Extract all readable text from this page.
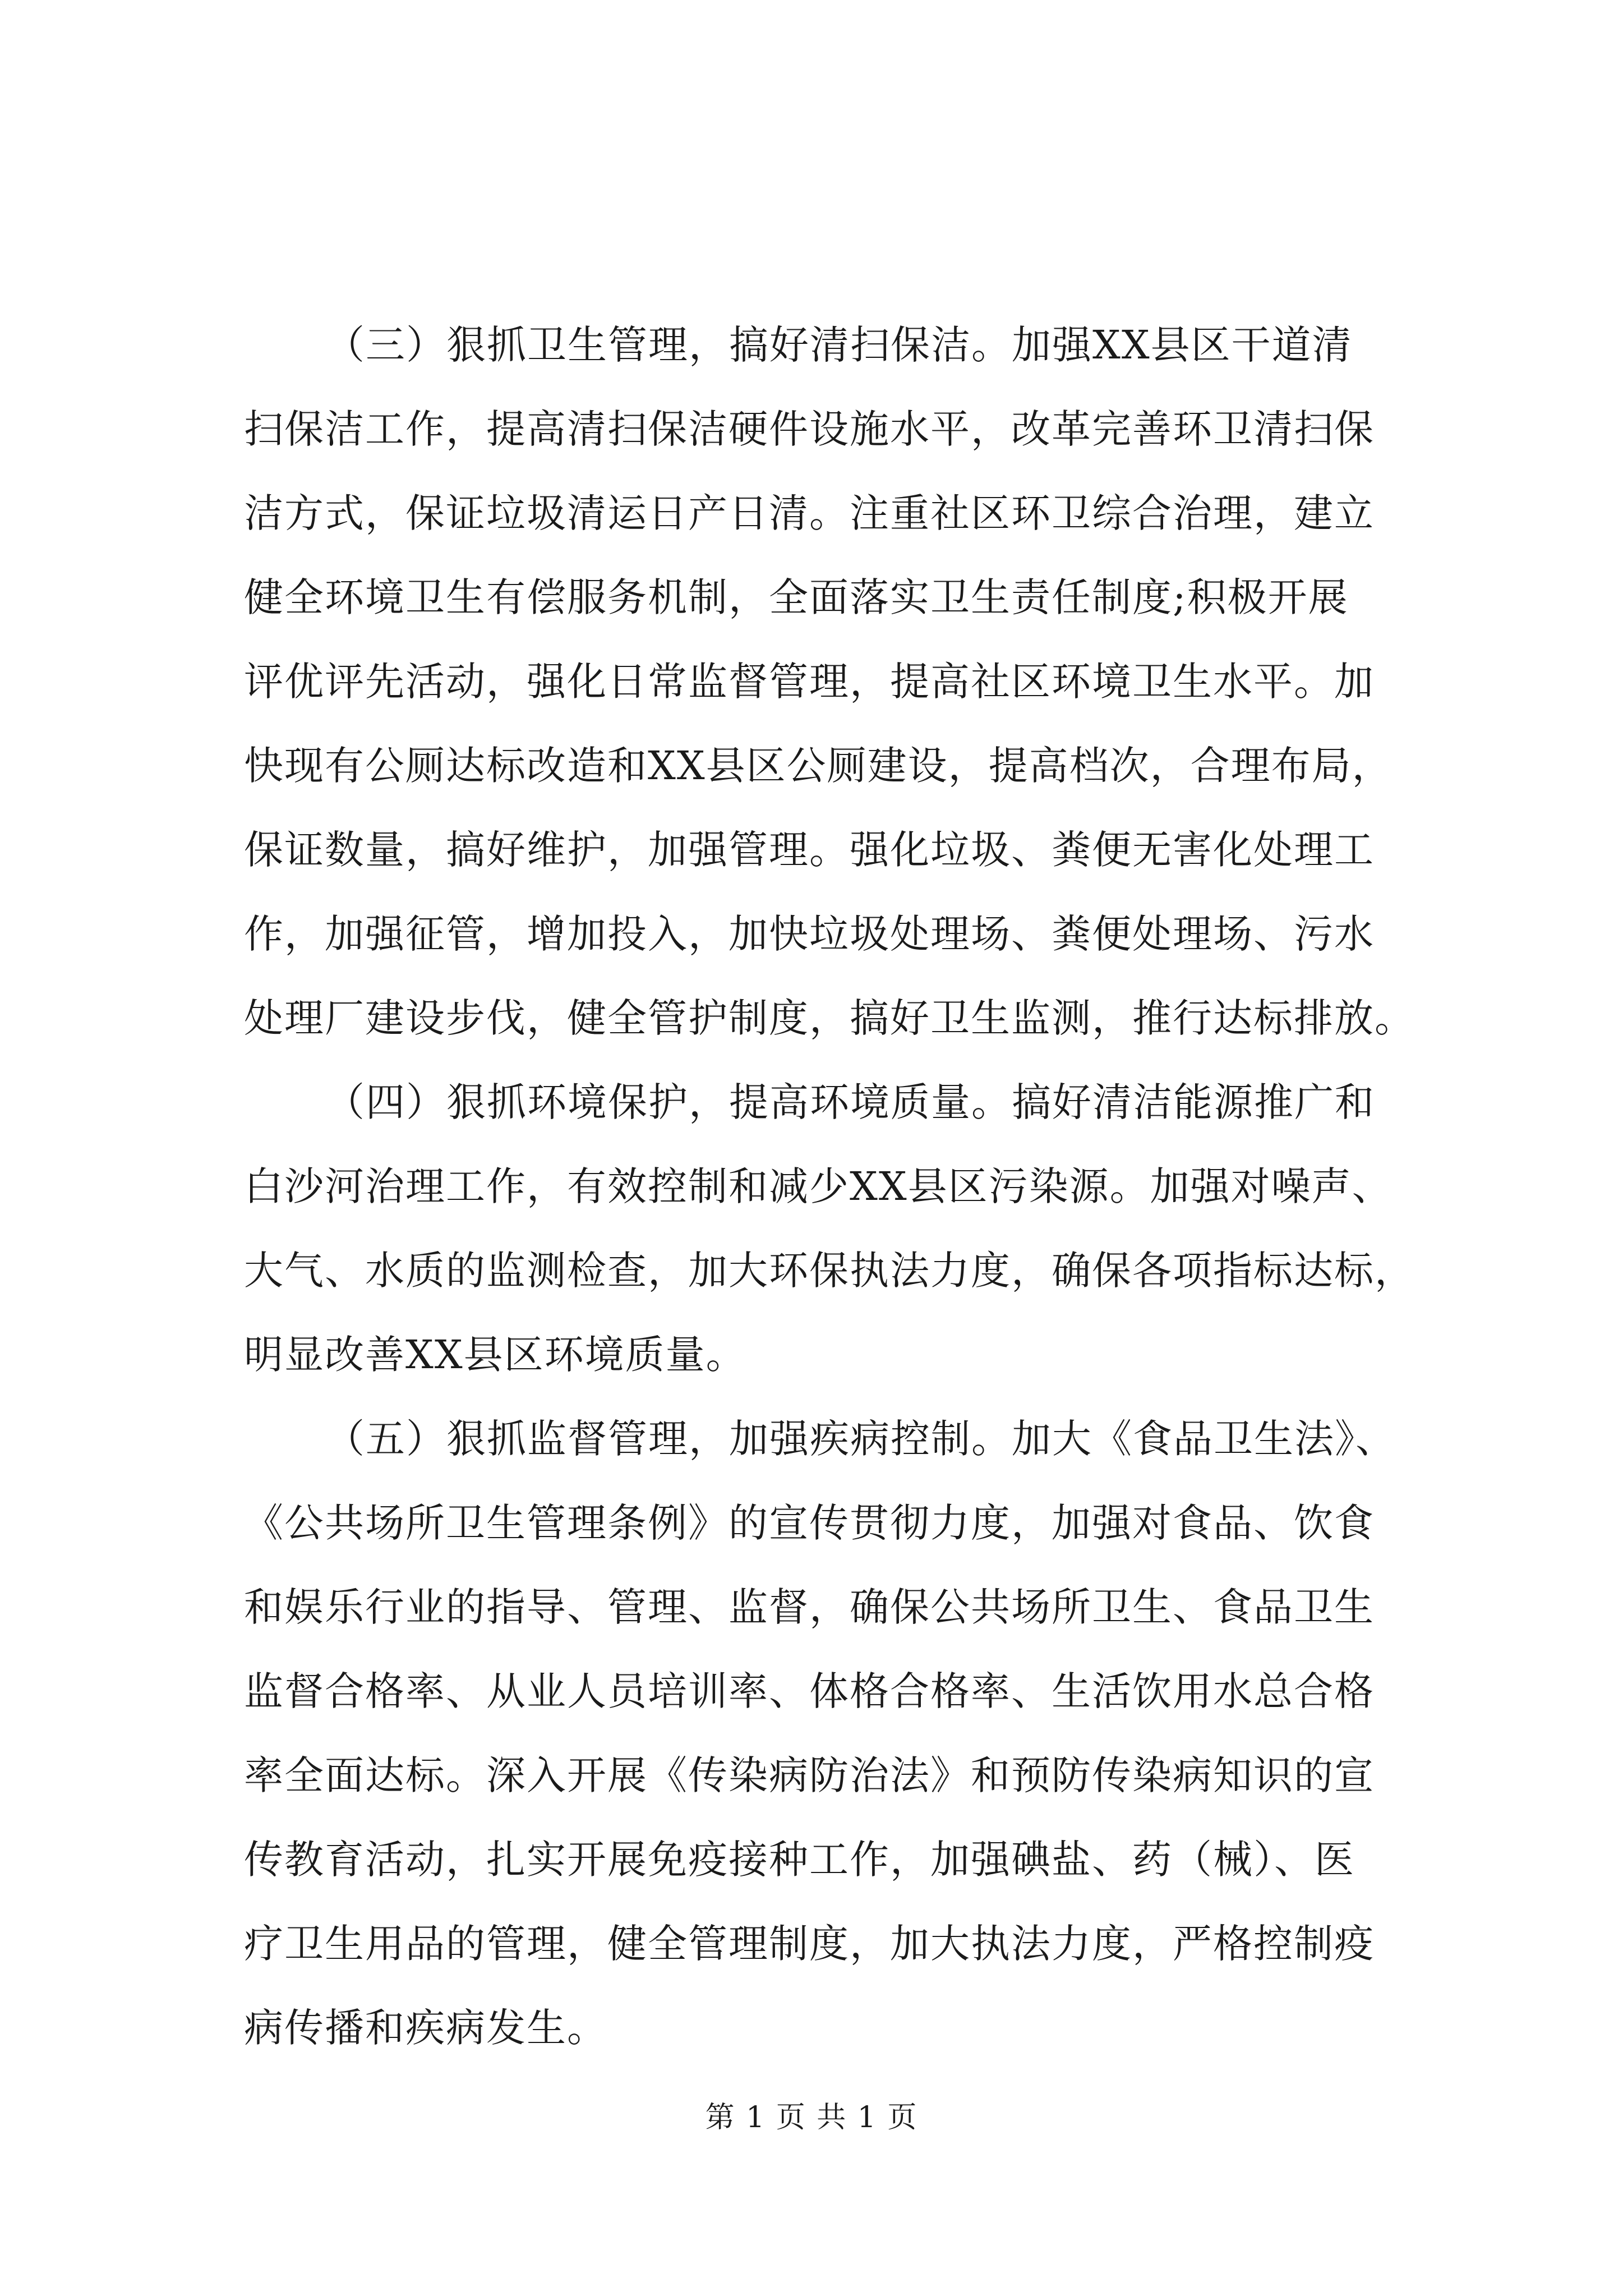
（三）狠抓卫生管理，搞好清扫保洁。加强XX县区干道清
扫保洁工作，提高清扫保洁硬件设施水平，改革完善环卫清扫保
洁方式，保证垃圾清运日产日清。注重社区环卫综合治理，建立
健全环境卫生有偿服务机制，全面落实卫生责任制度;积极开展
评优评先活动，强化日常监督管理，提高社区环境卫生水平。加
快现有公厕达标改造和XX县区公厕建设，提高档次，合理布局，
保证数量，搞好维护，加强管理。强化垃圾、粪便无害化处理工
作，加强征管，增加投入，加快垃圾处理场、粪便处理场、污水
处理厂建设步伐，健全管护制度，搞好卫生监测，推行达标排放。
（四）狠抓环境保护，提高环境质量。搞好清洁能源推广和
白沙河治理工作，有效控制和减少XX县区污染源。加强对噪声、
大气、水质的监测检查，加大环保执法力度，确保各项指标达标，
明显改善XX县区环境质量。
（五）狠抓监督管理，加强疾病控制。加大《食品卫生法》、
《公共场所卫生管理条例》的宣传贯彻力度，加强对食品、饮食
和娱乐行业的指导、管理、监督，确保公共场所卫生、食品卫生
监督合格率、从业人员培训率、体格合格率、生活饮用水总合格
率全面达标。深入开展《传染病防治法》和预防传染病知识的宣
传教育活动，扎实开展免疫接种工作，加强碘盐、药（械）、医
疗卫生用品的管理，健全管理制度，加大执法力度，严格控制疫
病传播和疾病发生。
第 1 页 共 1 页
